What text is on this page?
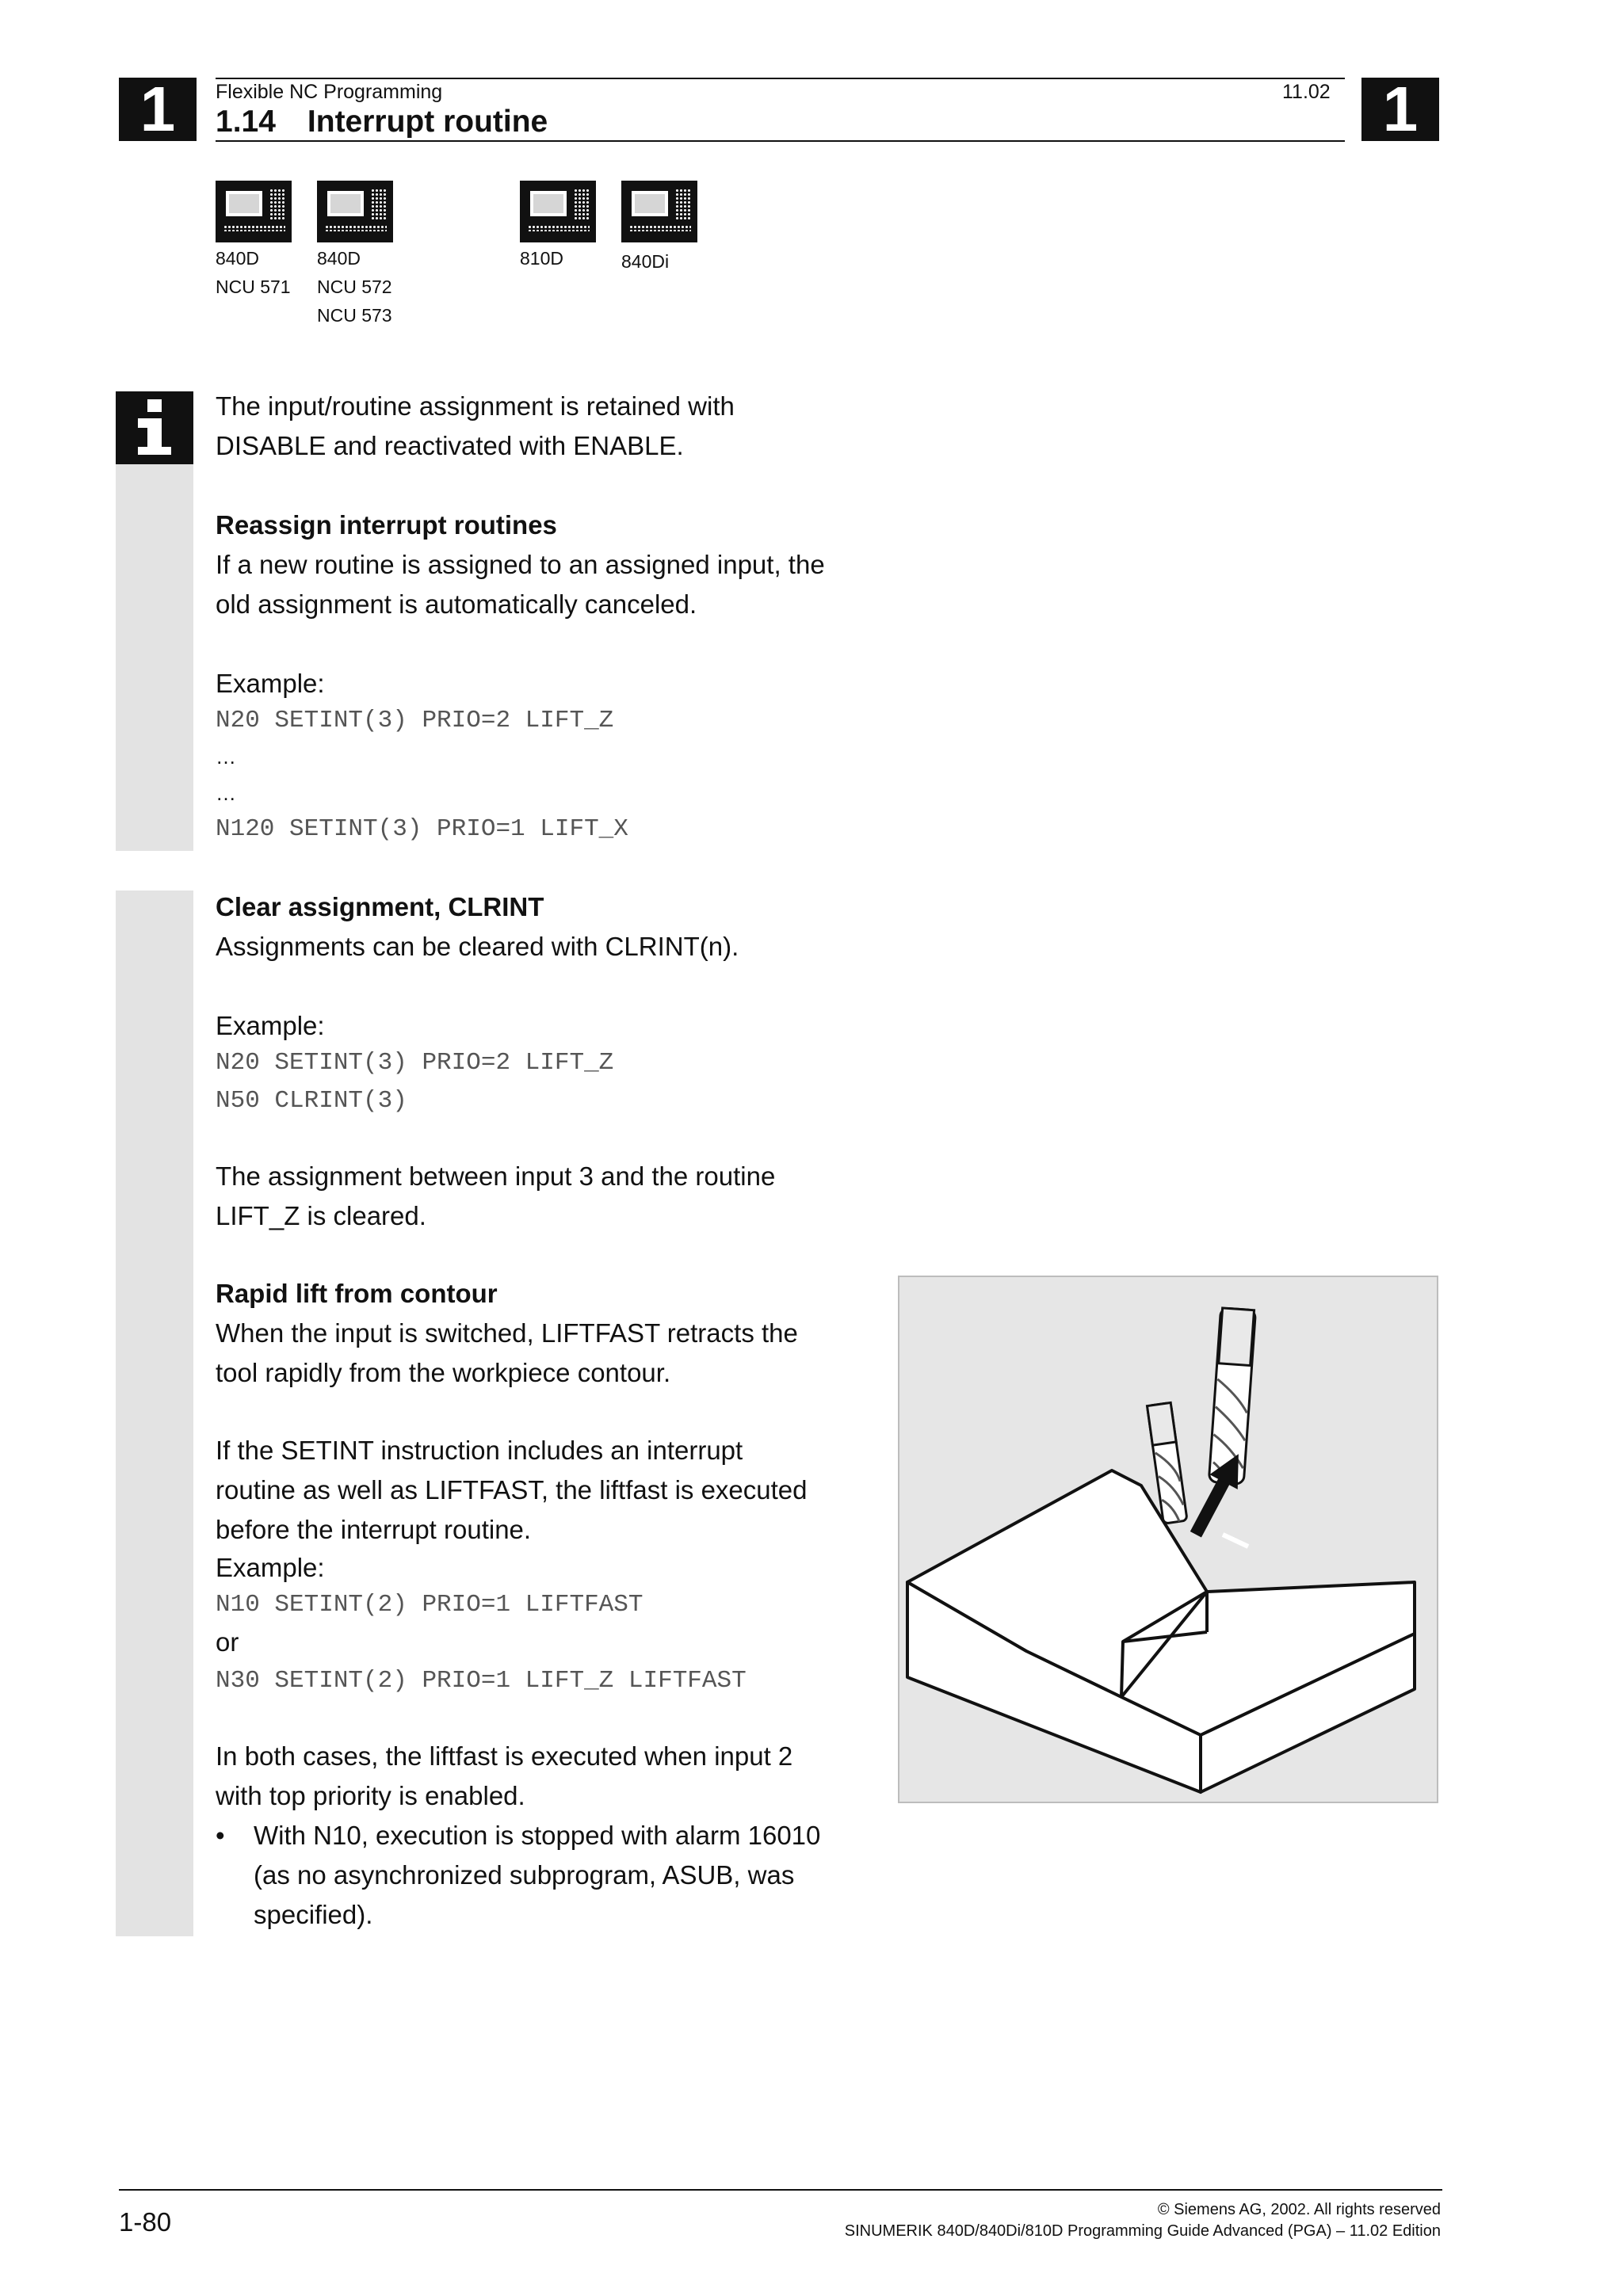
1	1
Flexible NC Programming	11.02
1.14 Interrupt routine
840D
NCU 571
840D
NCU 572
NCU 573
810D	840Di
The input/routine assignment is retained with
DISABLE and reactivated with ENABLE.
Reassign interrupt routines
If a new routine is assigned to an assigned input, the
old assignment is automatically canceled.
Example:
N20 SETINT(3) PRIO=2 LIFT_Z
…
…
N120 SETINT(3) PRIO=1 LIFT_X
Clear assignment, CLRINT
Assignments can be cleared with CLRINT(n).
Example:
N20 SETINT(3) PRIO=2 LIFT_Z
N50 CLRINT(3)
The assignment between input 3 and the routine
LIFT_Z is cleared.
Rapid lift from contour
When the input is switched, LIFTFAST retracts the
tool rapidly from the workpiece contour.
If the SETINT instruction includes an interrupt
routine as well as LIFTFAST, the liftfast is executed
before the interrupt routine.
Example:
N10 SETINT(2) PRIO=1 LIFTFAST
or
N30 SETINT(2) PRIO=1 LIFT_Z LIFTFAST
In both cases, the liftfast is executed when input 2
with top priority is enabled.
• With N10, execution is stopped with alarm 16010
(as no asynchronized subprogram, ASUB, was
specified).
1-80	© Siemens AG, 2002. All rights reserved
SINUMERIK 840D/840Di/810D Programming Guide Advanced (PGA) – 11.02 Edition
